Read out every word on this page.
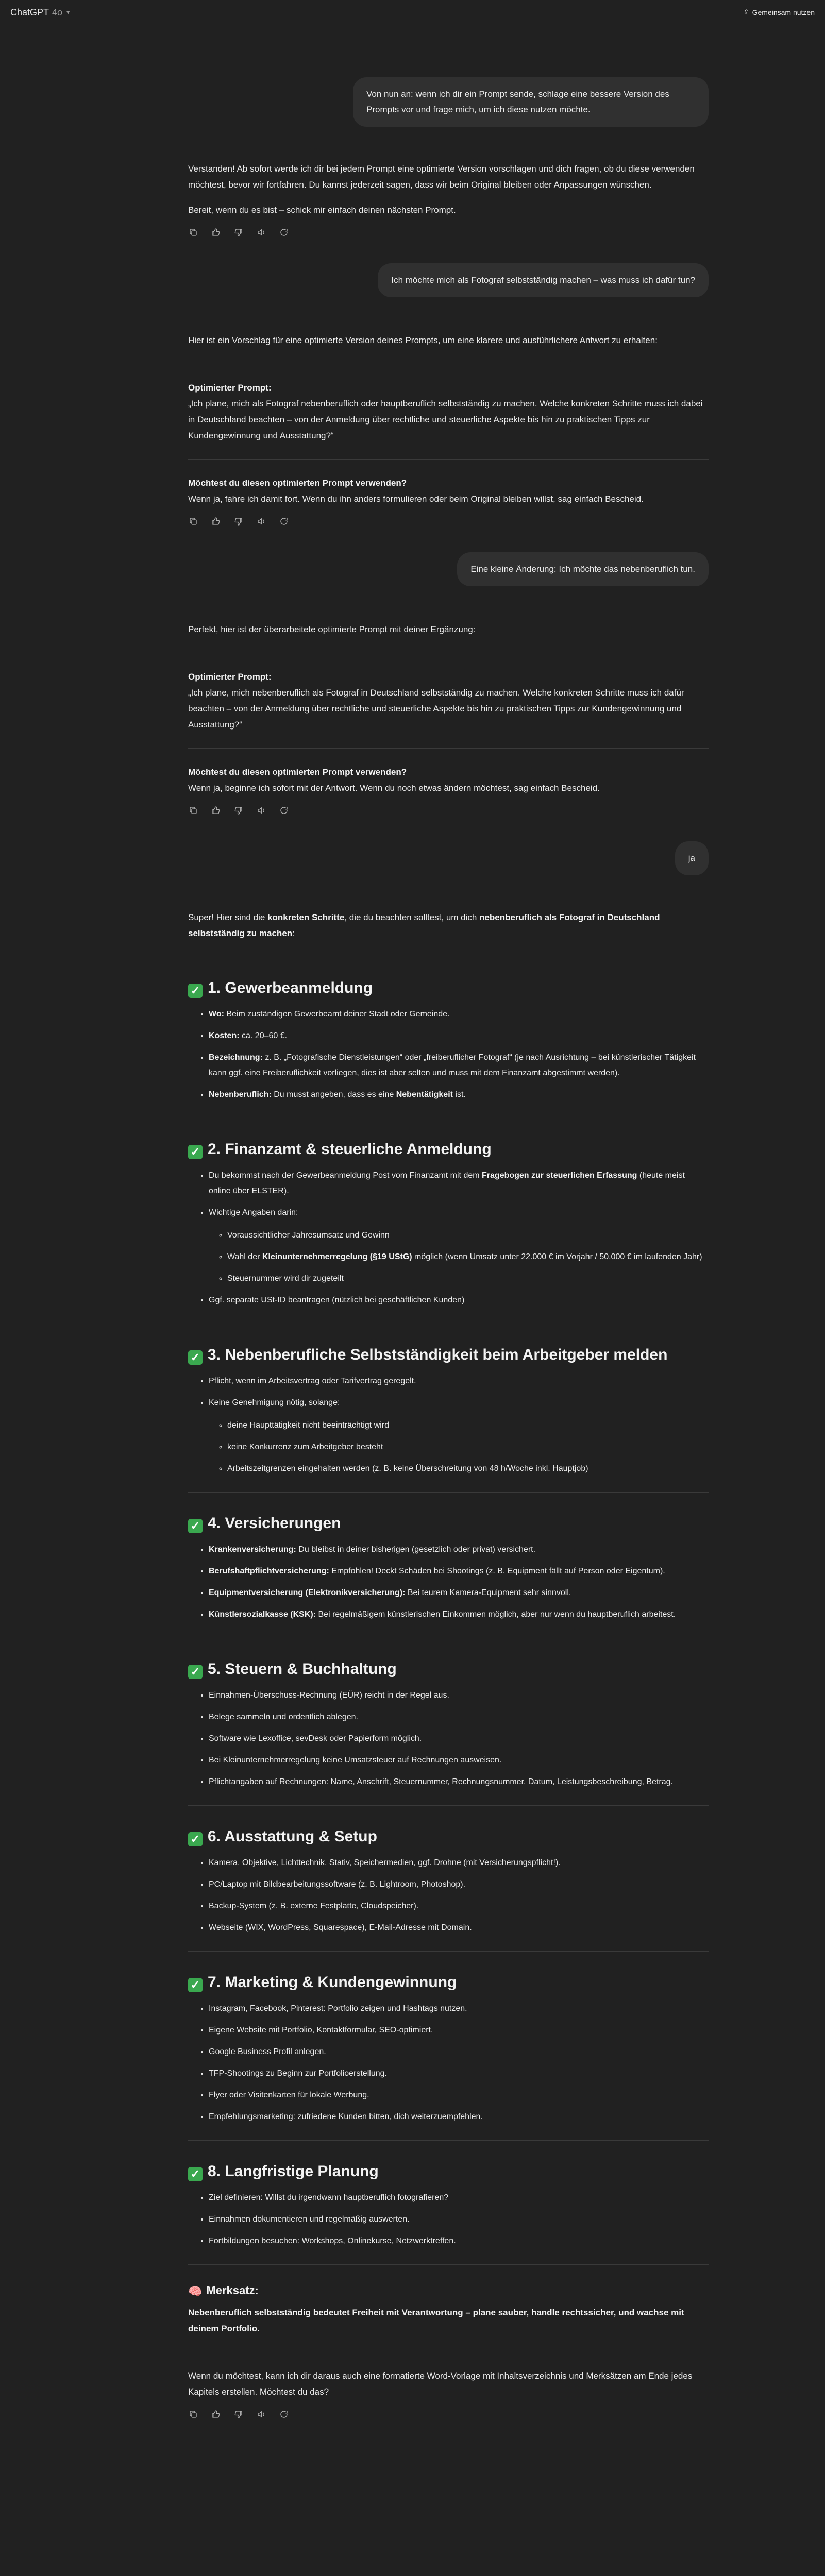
ChatGPT 4o ▾	⇪ Gemeinsam nutzen
Von nun an: wenn ich dir ein Prompt sende, schlage eine bessere Version des Prompts vor und frage mich, um ich diese nutzen möchte.

Verstanden! Ab sofort werde ich dir bei jedem Prompt eine optimierte Version vorschlagen und dich fragen, ob du diese verwenden möchtest, bevor wir fortfahren. Du kannst jederzeit sagen, dass wir beim Original bleiben oder Anpassungen wünschen.

Bereit, wenn du es bist – schick mir einfach deinen nächsten Prompt.

Ich möchte mich als Fotograf selbstständig machen – was muss ich dafür tun?

Hier ist ein Vorschlag für eine optimierte Version deines Prompts, um eine klarere und ausführlichere Antwort zu erhalten:

Optimierter Prompt:

„Ich plane, mich als Fotograf nebenberuflich oder hauptberuflich selbstständig zu machen. Welche konkreten Schritte muss ich dabei in Deutschland beachten – von der Anmeldung über rechtliche und steuerliche Aspekte bis hin zu praktischen Tipps zur Kundengewinnung und Ausstattung?“

Möchtest du diesen optimierten Prompt verwenden?

Wenn ja, fahre ich damit fort. Wenn du ihn anders formulieren oder beim Original bleiben willst, sag einfach Bescheid.

Eine kleine Änderung: Ich möchte das nebenberuflich tun.

Perfekt, hier ist der überarbeitete optimierte Prompt mit deiner Ergänzung:

Optimierter Prompt:

„Ich plane, mich nebenberuflich als Fotograf in Deutschland selbstständig zu machen. Welche konkreten Schritte muss ich dafür beachten – von der Anmeldung über rechtliche und steuerliche Aspekte bis hin zu praktischen Tipps zur Kundengewinnung und Ausstattung?“

Möchtest du diesen optimierten Prompt verwenden?

Wenn ja, beginne ich sofort mit der Antwort. Wenn du noch etwas ändern möchtest, sag einfach Bescheid.

ja

Super! Hier sind die konkreten Schritte, die du beachten solltest, um dich nebenberuflich als Fotograf in Deutschland selbstständig zu machen:

✓ 1. Gewerbeanmeldung
• Wo: Beim zuständigen Gewerbeamt deiner Stadt oder Gemeinde.
• Kosten: ca. 20–60 €.
• Bezeichnung: z. B. „Fotografische Dienstleistungen“ oder „freiberuflicher Fotograf“ (je nach Ausrichtung – bei künstlerischer Tätigkeit kann ggf. eine Freiberuflichkeit vorliegen, dies ist aber selten und muss mit dem Finanzamt abgestimmt werden).
• Nebenberuflich: Du musst angeben, dass es eine Nebentätigkeit ist.
✓ 2. Finanzamt & steuerliche Anmeldung
• Du bekommst nach der Gewerbeanmeldung Post vom Finanzamt mit dem Fragebogen zur steuerlichen Erfassung (heute meist online über ELSTER).
• Wichtige Angaben darin:
◦ Voraussichtlicher Jahresumsatz und Gewinn
◦ Wahl der Kleinunternehmerregelung (§19 UStG) möglich (wenn Umsatz unter 22.000 € im Vorjahr / 50.000 € im laufenden Jahr)
◦ Steuernummer wird dir zugeteilt
• Ggf. separate USt-ID beantragen (nützlich bei geschäftlichen Kunden)
✓ 3. Nebenberufliche Selbstständigkeit beim Arbeitgeber melden
• Pflicht, wenn im Arbeitsvertrag oder Tarifvertrag geregelt.
• Keine Genehmigung nötig, solange:
◦ deine Haupttätigkeit nicht beeinträchtigt wird
◦ keine Konkurrenz zum Arbeitgeber besteht
◦ Arbeitszeitgrenzen eingehalten werden (z. B. keine Überschreitung von 48 h/Woche inkl. Hauptjob)
✓ 4. Versicherungen
• Krankenversicherung: Du bleibst in deiner bisherigen (gesetzlich oder privat) versichert.
• Berufshaftpflichtversicherung: Empfohlen! Deckt Schäden bei Shootings (z. B. Equipment fällt auf Person oder Eigentum).
• Equipmentversicherung (Elektronikversicherung): Bei teurem Kamera-Equipment sehr sinnvoll.
• Künstlersozialkasse (KSK): Bei regelmäßigem künstlerischen Einkommen möglich, aber nur wenn du hauptberuflich arbeitest.
✓ 5. Steuern & Buchhaltung
• Einnahmen-Überschuss-Rechnung (EÜR) reicht in der Regel aus.
• Belege sammeln und ordentlich ablegen.
• Software wie Lexoffice, sevDesk oder Papierform möglich.
• Bei Kleinunternehmerregelung keine Umsatzsteuer auf Rechnungen ausweisen.
• Pflichtangaben auf Rechnungen: Name, Anschrift, Steuernummer, Rechnungsnummer, Datum, Leistungsbeschreibung, Betrag.
✓ 6. Ausstattung & Setup
• Kamera, Objektive, Lichttechnik, Stativ, Speichermedien, ggf. Drohne (mit Versicherungspflicht!).
• PC/Laptop mit Bildbearbeitungssoftware (z. B. Lightroom, Photoshop).
• Backup-System (z. B. externe Festplatte, Cloudspeicher).
• Webseite (WIX, WordPress, Squarespace), E-Mail-Adresse mit Domain.
✓ 7. Marketing & Kundengewinnung
• Instagram, Facebook, Pinterest: Portfolio zeigen und Hashtags nutzen.
• Eigene Website mit Portfolio, Kontaktformular, SEO-optimiert.
• Google Business Profil anlegen.
• TFP-Shootings zu Beginn zur Portfolioerstellung.
• Flyer oder Visitenkarten für lokale Werbung.
• Empfehlungsmarketing: zufriedene Kunden bitten, dich weiterzuempfehlen.
✓ 8. Langfristige Planung
• Ziel definieren: Willst du irgendwann hauptberuflich fotografieren?
• Einnahmen dokumentieren und regelmäßig auswerten.
• Fortbildungen besuchen: Workshops, Onlinekurse, Netzwerktreffen.
🧠 Merksatz:

Nebenberuflich selbstständig bedeutet Freiheit mit Verantwortung – plane sauber, handle rechtssicher, und wachse mit deinem Portfolio.

Wenn du möchtest, kann ich dir daraus auch eine formatierte Word-Vorlage mit Inhaltsverzeichnis und Merksätzen am Ende jedes Kapitels erstellen. Möchtest du das?
